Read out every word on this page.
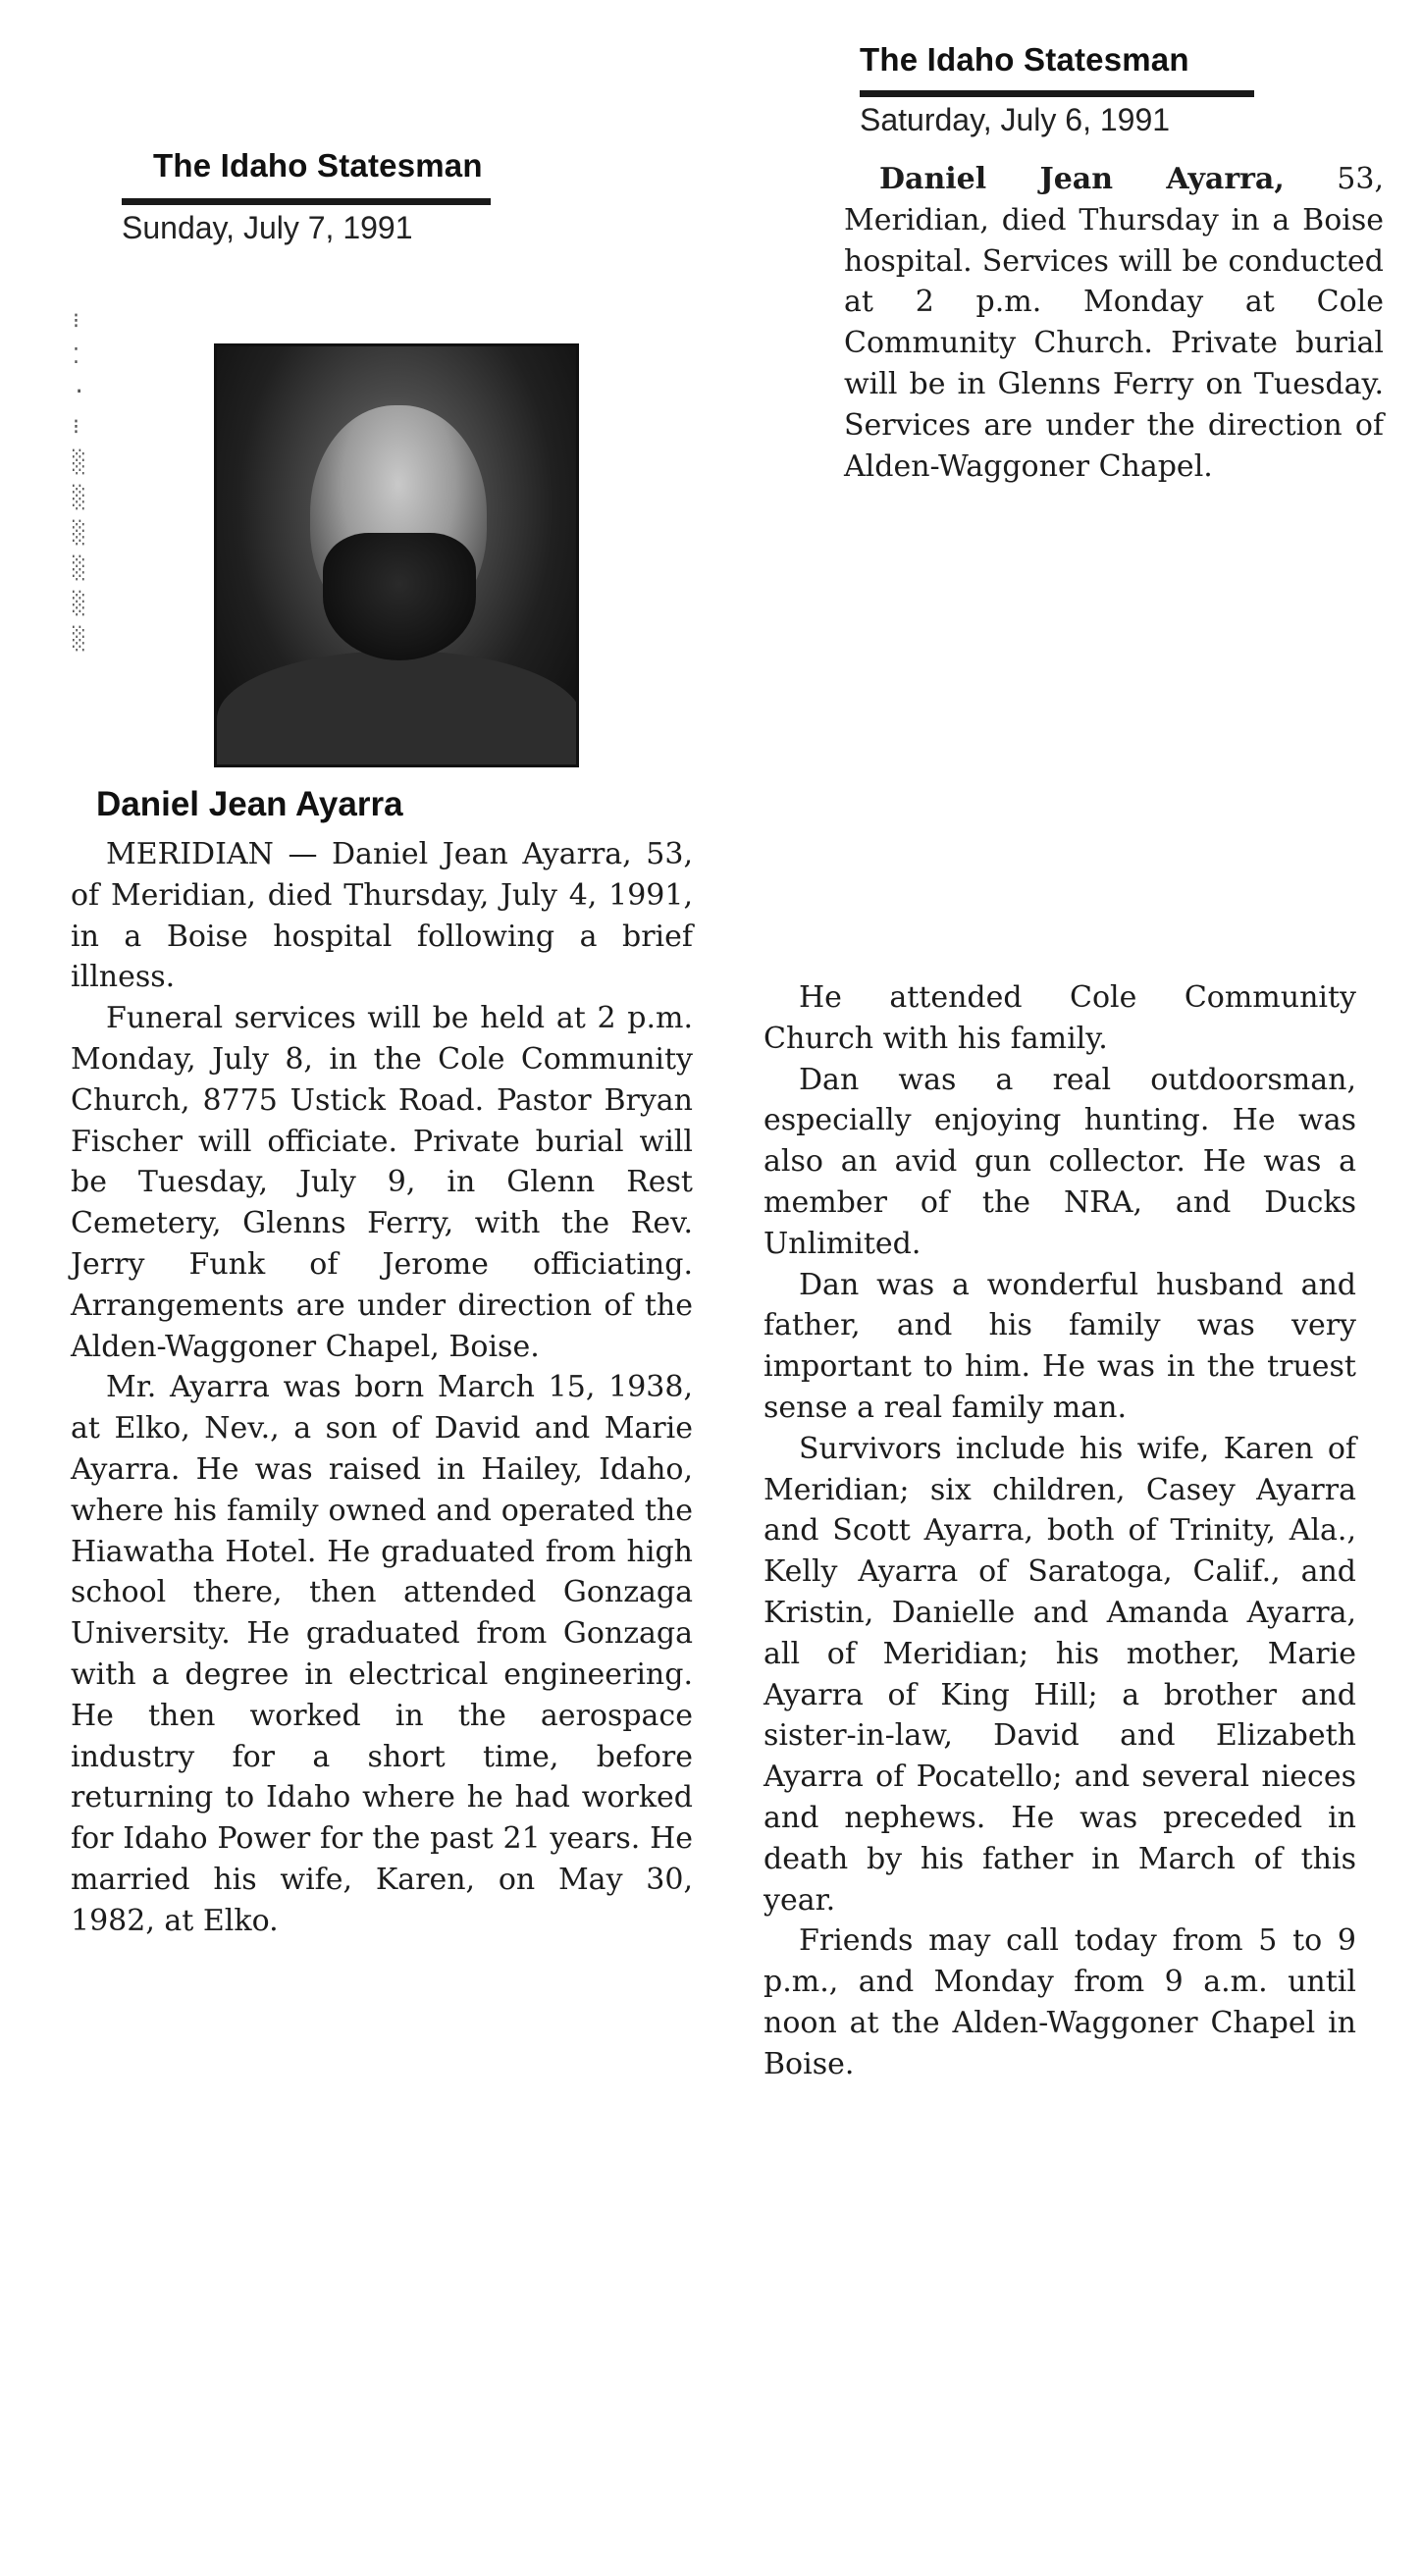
The Idaho Statesman
Saturday, July 6, 1991
Daniel Jean Ayarra, 53, Meridian, died Thursday in a Boise hospital. Services will be conducted at 2 p.m. Monday at Cole Community Church. Private burial will be in Glenns Ferry on Tuesday. Services are under the direction of Alden-Waggoner Chapel.
The Idaho Statesman
Sunday, July 7, 1991
⁝
⁚
·
⁝
░
░
░
░
░
░
Daniel Jean Ayarra

MERIDIAN — Daniel Jean Ayarra, 53, of Meridian, died Thursday, July 4, 1991, in a Boise hospital following a brief illness.

Funeral services will be held at 2 p.m. Monday, July 8, in the Cole Community Church, 8775 Ustick Road. Pastor Bryan Fischer will officiate. Private burial will be Tuesday, July 9, in Glenn Rest Cemetery, Glenns Ferry, with the Rev. Jerry Funk of Jerome officiating. Arrangements are under direction of the Alden-Waggoner Chapel, Boise.

Mr. Ayarra was born March 15, 1938, at Elko, Nev., a son of David and Marie Ayarra. He was raised in Hailey, Idaho, where his family owned and operated the Hiawatha Hotel. He graduated from high school there, then attended Gonzaga University. He graduated from Gonzaga with a degree in electrical engineering. He then worked in the aerospace industry for a short time, before returning to Idaho where he had worked for Idaho Power for the past 21 years. He married his wife, Karen, on May 30, 1982, at Elko.

He attended Cole Community Church with his family.

Dan was a real outdoorsman, especially enjoying hunting. He was also an avid gun collector. He was a member of the NRA, and Ducks Unlimited.

Dan was a wonderful husband and father, and his family was very important to him. He was in the truest sense a real family man.

Survivors include his wife, Karen of Meridian; six children, Casey Ayarra and Scott Ayarra, both of Trinity, Ala., Kelly Ayarra of Saratoga, Calif., and Kristin, Danielle and Amanda Ayarra, all of Meridian; his mother, Marie Ayarra of King Hill; a brother and sister-in-law, David and Elizabeth Ayarra of Pocatello; and several nieces and nephews. He was preceded in death by his father in March of this year.

Friends may call today from 5 to 9 p.m., and Monday from 9 a.m. until noon at the Alden-Waggoner Chapel in Boise.
